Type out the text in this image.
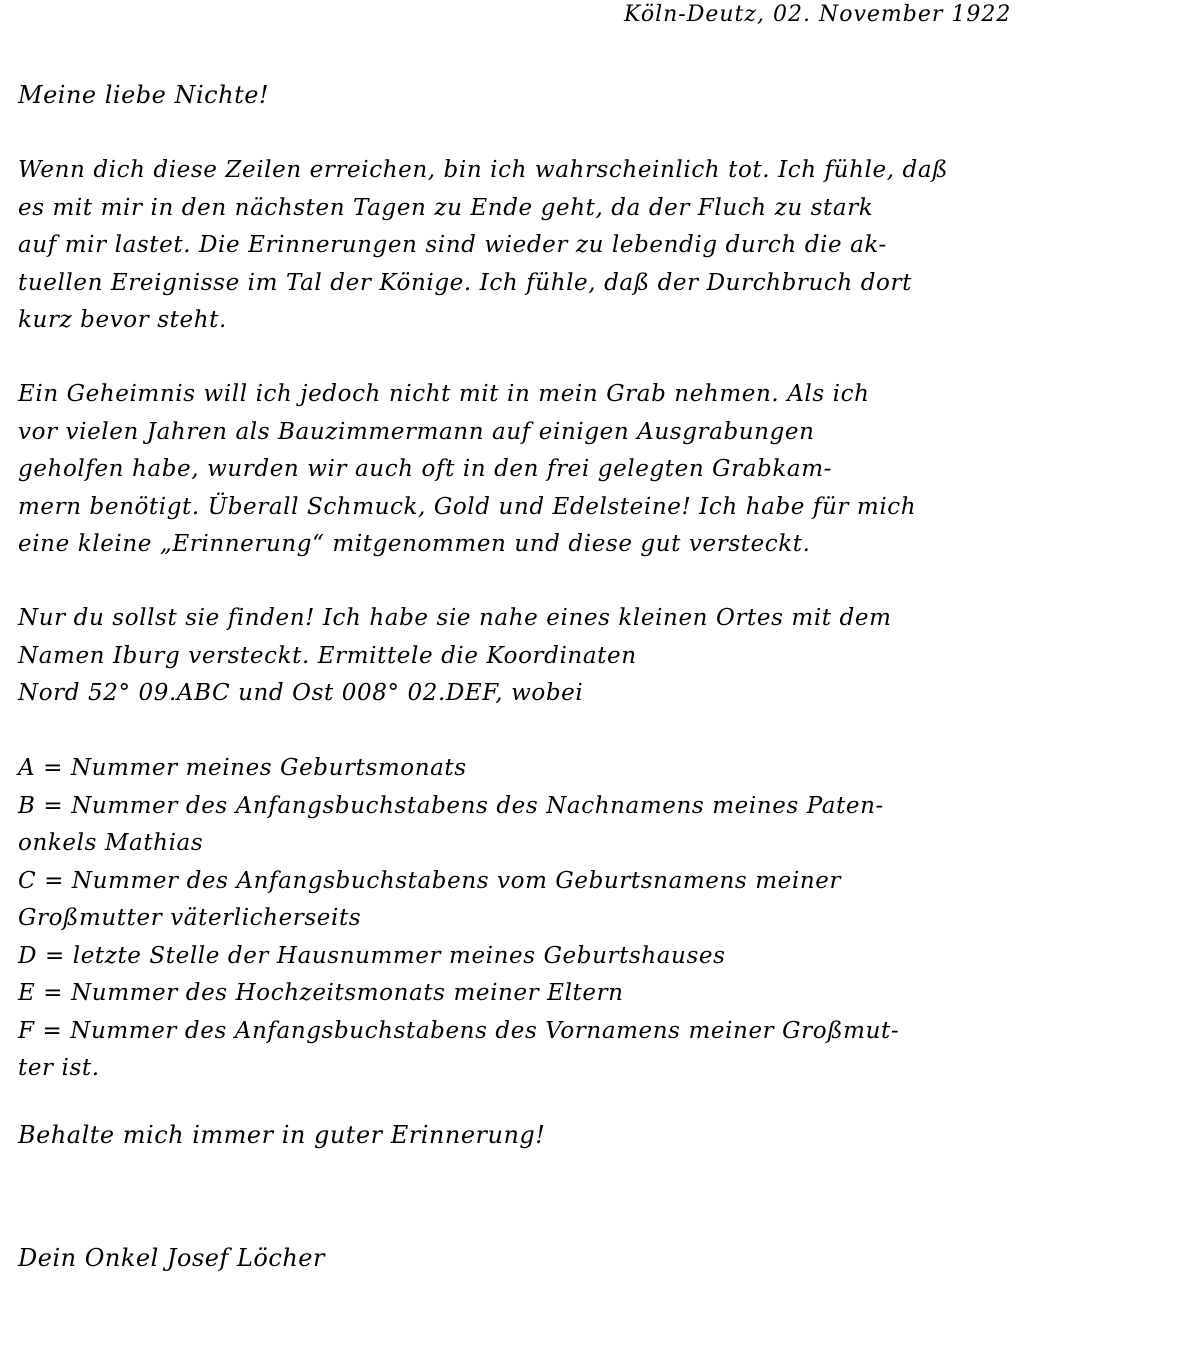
Köln-Deutz, 02. November 1922
Meine liebe Nichte!
Wenn dich diese Zeilen erreichen, bin ich wahrscheinlich tot. Ich fühle, daß
es mit mir in den nächsten Tagen zu Ende geht, da der Fluch zu stark
auf mir lastet. Die Erinnerungen sind wieder zu lebendig durch die ak-
tuellen Ereignisse im Tal der Könige. Ich fühle, daß der Durchbruch dort
kurz bevor steht.
Ein Geheimnis will ich jedoch nicht mit in mein Grab nehmen. Als ich
vor vielen Jahren als Bauzimmermann auf einigen Ausgrabungen
geholfen habe, wurden wir auch oft in den frei gelegten Grabkam-
mern benötigt. Überall Schmuck, Gold und Edelsteine! Ich habe für mich
eine kleine „Erinnerung“ mitgenommen und diese gut versteckt.
Nur du sollst sie finden! Ich habe sie nahe eines kleinen Ortes mit dem
Namen Iburg versteckt. Ermittele die Koordinaten
Nord 52° 09.ABC und Ost 008° 02.DEF, wobei
A = Nummer meines Geburtsmonats
B = Nummer des Anfangsbuchstabens des Nachnamens meines Paten-
onkels Mathias
C = Nummer des Anfangsbuchstabens vom Geburtsnamens meiner
Großmutter väterlicherseits
D = letzte Stelle der Hausnummer meines Geburtshauses
E = Nummer des Hochzeitsmonats meiner Eltern
F = Nummer des Anfangsbuchstabens des Vornamens meiner Großmut-
ter ist.
Behalte mich immer in guter Erinnerung!
Dein Onkel Josef Löcher
